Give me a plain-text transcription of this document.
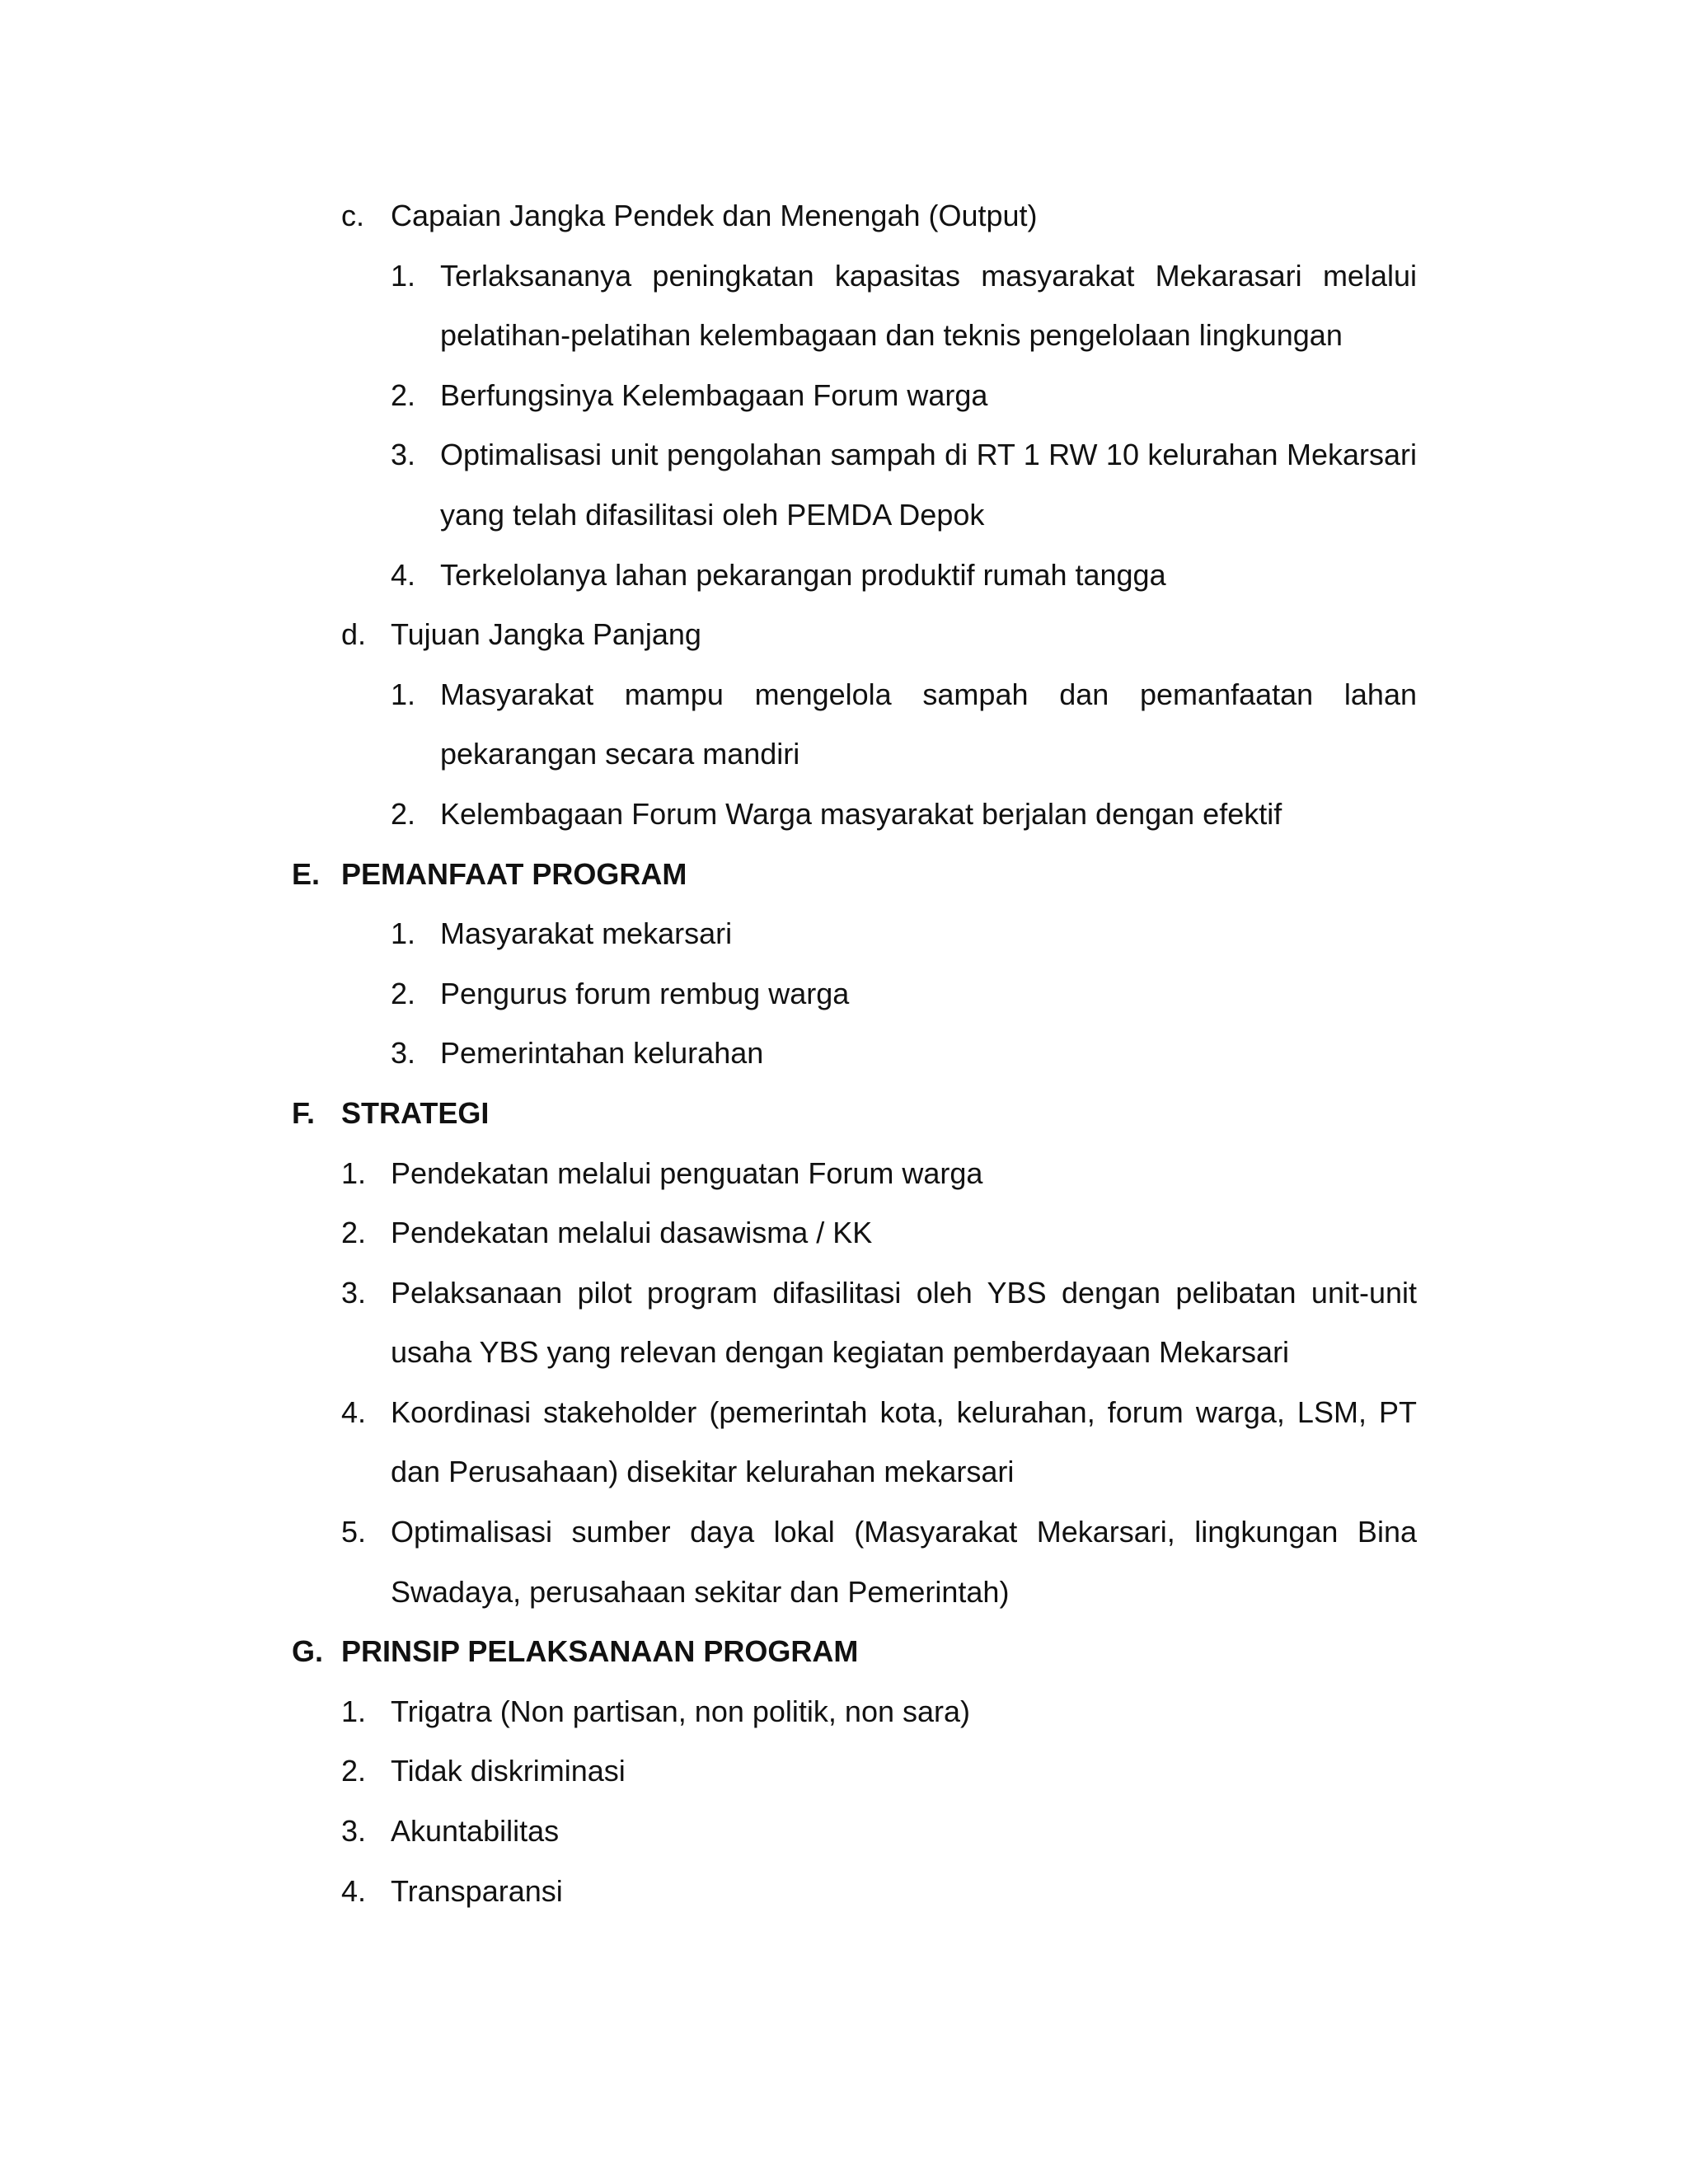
c. Capaian Jangka Pendek dan Menengah (Output)
1. Terlaksananya peningkatan kapasitas masyarakat Mekarasari melalui
pelatihan-pelatihan kelembagaan dan teknis pengelolaan lingkungan
2. Berfungsinya Kelembagaan Forum warga
3. Optimalisasi unit pengolahan sampah di RT 1 RW 10 kelurahan Mekarsari
yang telah difasilitasi oleh PEMDA Depok
4. Terkelolanya lahan pekarangan produktif rumah tangga
d. Tujuan Jangka Panjang
1. Masyarakat mampu mengelola sampah dan pemanfaatan lahan
pekarangan secara mandiri
2. Kelembagaan Forum Warga masyarakat berjalan dengan efektif
E. PEMANFAAT PROGRAM
1. Masyarakat mekarsari
2. Pengurus forum rembug warga
3. Pemerintahan kelurahan
F. STRATEGI
1. Pendekatan melalui penguatan Forum warga
2. Pendekatan melalui dasawisma / KK
3. Pelaksanaan pilot program difasilitasi oleh YBS dengan pelibatan unit-unit
usaha YBS yang relevan dengan kegiatan pemberdayaan Mekarsari
4. Koordinasi stakeholder (pemerintah kota, kelurahan, forum warga, LSM, PT
dan Perusahaan) disekitar kelurahan mekarsari
5. Optimalisasi sumber daya lokal (Masyarakat Mekarsari, lingkungan Bina
Swadaya, perusahaan sekitar dan Pemerintah)
G. PRINSIP PELAKSANAAN PROGRAM
1. Trigatra (Non partisan, non politik, non sara)
2. Tidak diskriminasi
3. Akuntabilitas
4. Transparansi
